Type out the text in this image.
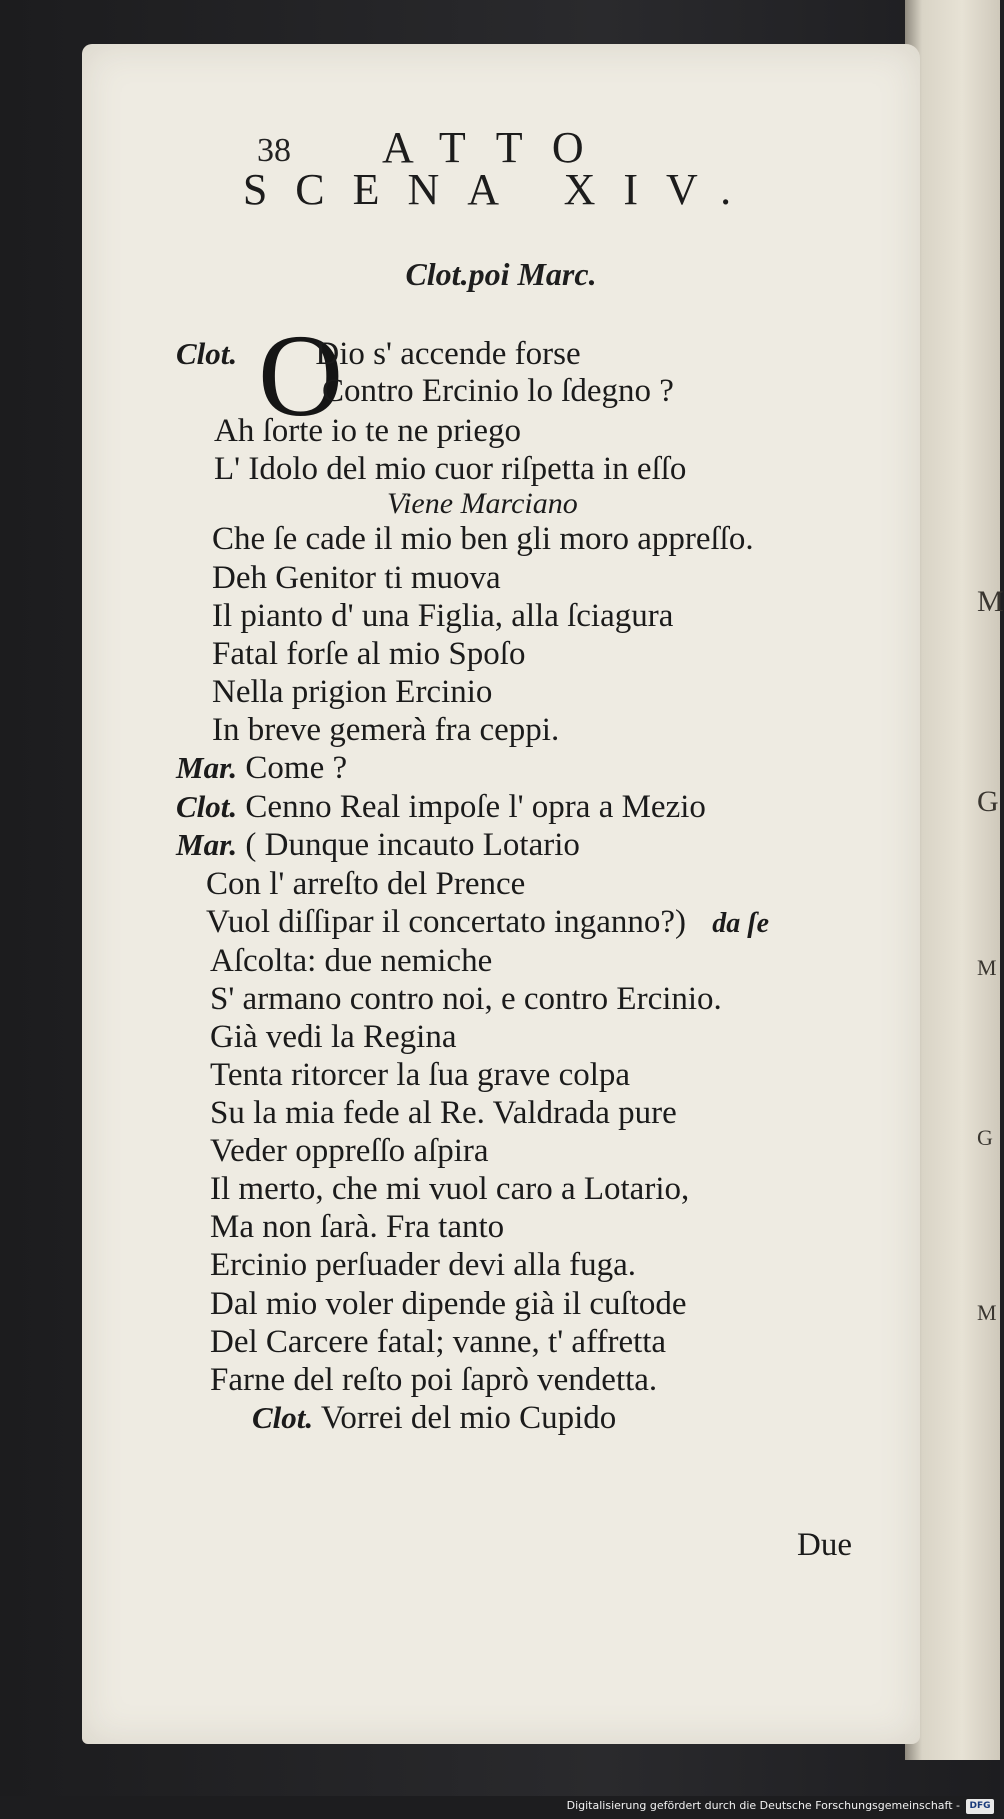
M
G
M
G
M
38 ATTO
SCENA XIV.
Clot.poi Marc.
O
Clot. Dio s' accende forse
Contro Ercinio lo ſdegno ?
Ah ſorte io te ne priego
L' Idolo del mio cuor riſpetta in eſſo
Viene Marciano
Che ſe cade il mio ben gli moro appreſſo.
Deh Genitor ti muova
Il pianto d' una Figlia, alla ſciagura
Fatal forſe al mio Spoſo
Nella prigion Ercinio
In breve gemerà fra ceppi.
Mar. Come ?
Clot. Cenno Real impoſe l' opra a Mezio
Mar. ( Dunque incauto Lotario
Con l' arreſto del Prence
Vuol diſſipar il concertato inganno?) da ſe
Aſcolta: due nemiche
S' armano contro noi, e contro Ercinio.
Già vedi la Regina
Tenta ritorcer la ſua grave colpa
Su la mia fede al Re. Valdrada pure
Veder oppreſſo aſpira
Il merto, che mi vuol caro a Lotario,
Ma non ſarà. Fra tanto
Ercinio perſuader devi alla fuga.
Dal mio voler dipende già il cuſtode
Del Carcere fatal; vanne, t' affretta
Farne del reſto poi ſaprò vendetta.
Clot. Vorrei del mio Cupido
Due
Digitalisierung gefördert durch die Deutsche Forschungsgemeinschaft -	DFG
